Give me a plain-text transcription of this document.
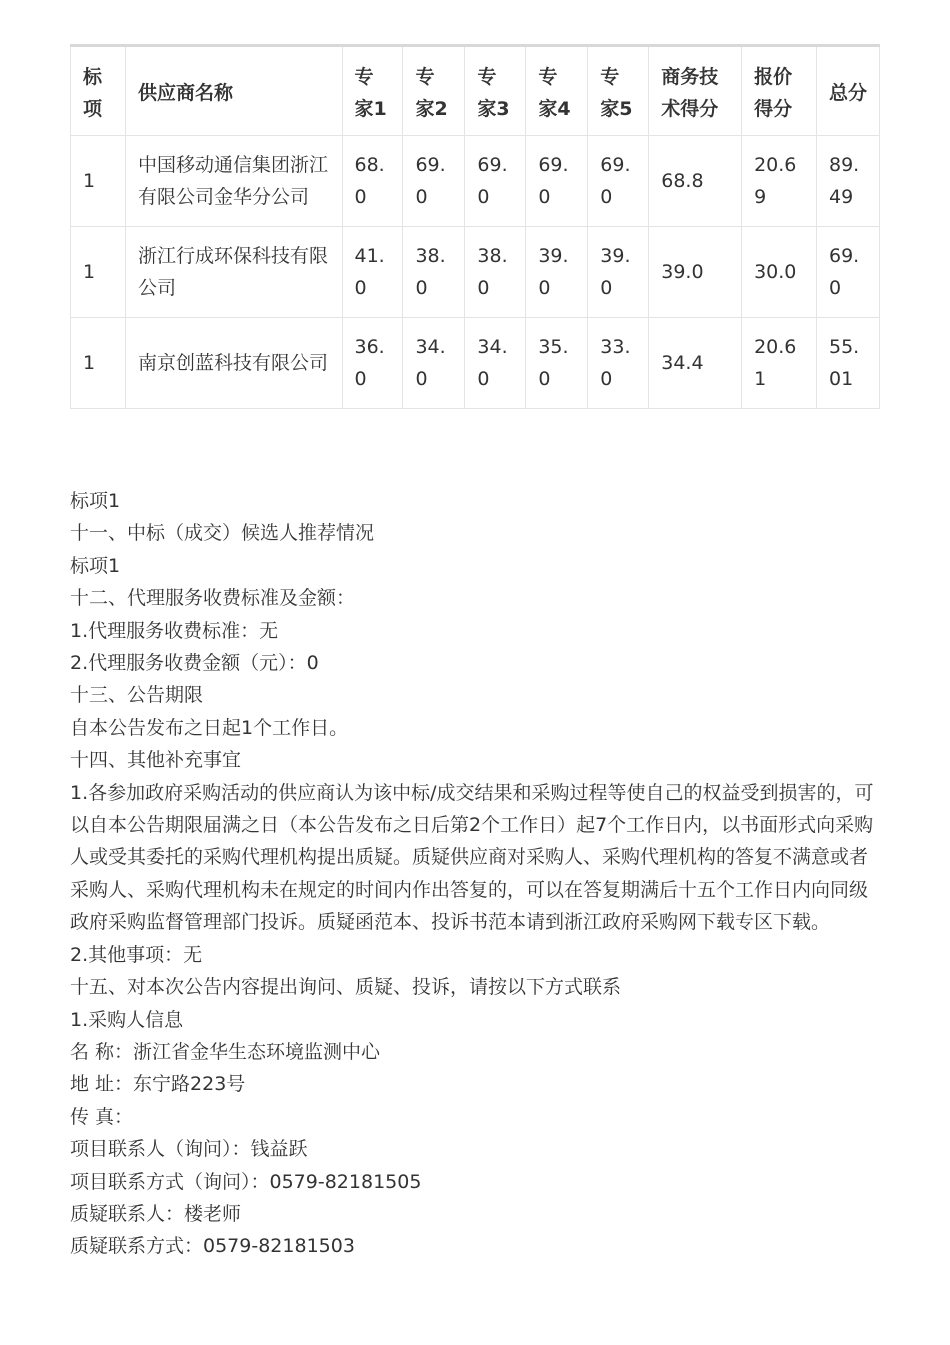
标项	供应商名称	专家1	专家2	专家3	专家4	专家5	商务技术得分	报价得分	总分
1	中国移动通信集团浙江有限公司金华分公司	68.0	69.0	69.0	69.0	69.0	68.8	20.69	89.49
1	浙江行成环保科技有限公司	41.0	38.0	38.0	39.0	39.0	39.0	30.0	69.0
1	南京创蓝科技有限公司	36.0	34.0	34.0	35.0	33.0	34.4	20.61	55.01

标项1

十一、中标（成交）候选人推荐情况

标项1

十二、代理服务收费标准及金额：

1.代理服务收费标准：无

2.代理服务收费金额（元）：0

十三、公告期限

自本公告发布之日起1个工作日。

十四、其他补充事宜

1.各参加政府采购活动的供应商认为该中标/成交结果和采购过程等使自己的权益受到损害的，可以自本公告期限届满之日（本公告发布之日后第2个工作日）起7个工作日内，以书面形式向采购人或受其委托的采购代理机构提出质疑。质疑供应商对采购人、采购代理机构的答复不满意或者采购人、采购代理机构未在规定的时间内作出答复的，可以在答复期满后十五个工作日内向同级政府采购监督管理部门投诉。质疑函范本、投诉书范本请到浙江政府采购网下载专区下载。

2.其他事项：无

十五、对本次公告内容提出询问、质疑、投诉，请按以下方式联系

1.采购人信息

名 称：浙江省金华生态环境监测中心

地 址：东宁路223号

传 真：

项目联系人（询问）：钱益跃

项目联系方式（询问）：0579-82181505

质疑联系人：楼老师

质疑联系方式：0579-82181503
